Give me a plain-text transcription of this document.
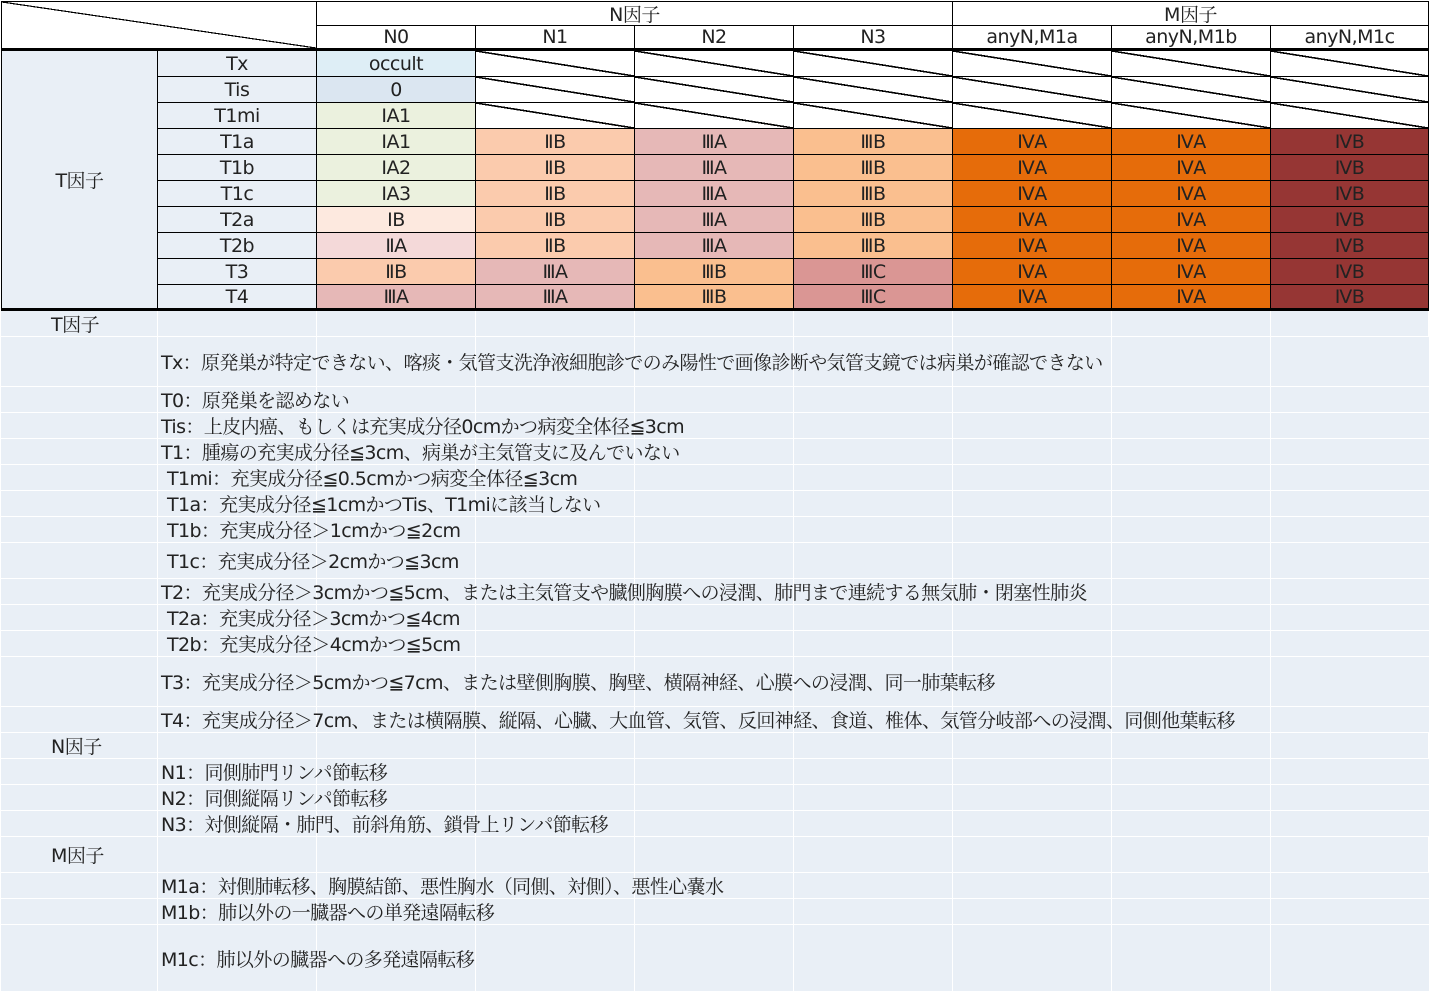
N因子	M因子
N0	N1	N2	N3	anyN,M1a	anyN,M1b	anyN,M1c
T因子
Tx	occult
Tis	0
T1mi	ⅠA1
T1a	ⅠA1	ⅡB	ⅢA	ⅢB	ⅣA	ⅣA	ⅣB
T1b	ⅠA2	ⅡB	ⅢA	ⅢB	ⅣA	ⅣA	ⅣB
T1c	ⅠA3	ⅡB	ⅢA	ⅢB	ⅣA	ⅣA	ⅣB
T2a	ⅠB	ⅡB	ⅢA	ⅢB	ⅣA	ⅣA	ⅣB
T2b	ⅡA	ⅡB	ⅢA	ⅢB	ⅣA	ⅣA	ⅣB
T3	ⅡB	ⅢA	ⅢB	ⅢC	ⅣA	ⅣA	ⅣB
T4	ⅢA	ⅢA	ⅢB	ⅢC	ⅣA	ⅣA	ⅣB
T因子
Tx：原発巣が特定できない、喀痰・気管支洗浄液細胞診でのみ陽性で画像診断や気管支鏡では病巣が確認できない
T0：原発巣を認めない
Tis：上皮内癌、もしくは充実成分径0cmかつ病変全体径≦3cm
T1：腫瘍の充実成分径≦3cm、病巣が主気管支に及んでいない
T1mi：充実成分径≦0.5cmかつ病変全体径≦3cm
T1a：充実成分径≦1cmかつTis、T1miに該当しない
T1b：充実成分径＞1cmかつ≦2cm
T1c：充実成分径＞2cmかつ≦3cm
T2：充実成分径＞3cmかつ≦5cm、または主気管支や臓側胸膜への浸潤、肺門まで連続する無気肺・閉塞性肺炎
T2a：充実成分径＞3cmかつ≦4cm
T2b：充実成分径＞4cmかつ≦5cm
T3：充実成分径＞5cmかつ≦7cm、または壁側胸膜、胸壁、横隔神経、心膜への浸潤、同一肺葉転移
T4：充実成分径＞7cm、または横隔膜、縦隔、心臓、大血管、気管、反回神経、食道、椎体、気管分岐部への浸潤、同側他葉転移
N因子
N1：同側肺門リンパ節転移
N2：同側縦隔リンパ節転移
N3：対側縦隔・肺門、前斜角筋、鎖骨上リンパ節転移
M因子
M1a：対側肺転移、胸膜結節、悪性胸水（同側、対側）、悪性心嚢水
M1b：肺以外の一臓器への単発遠隔転移
M1c：肺以外の臓器への多発遠隔転移
